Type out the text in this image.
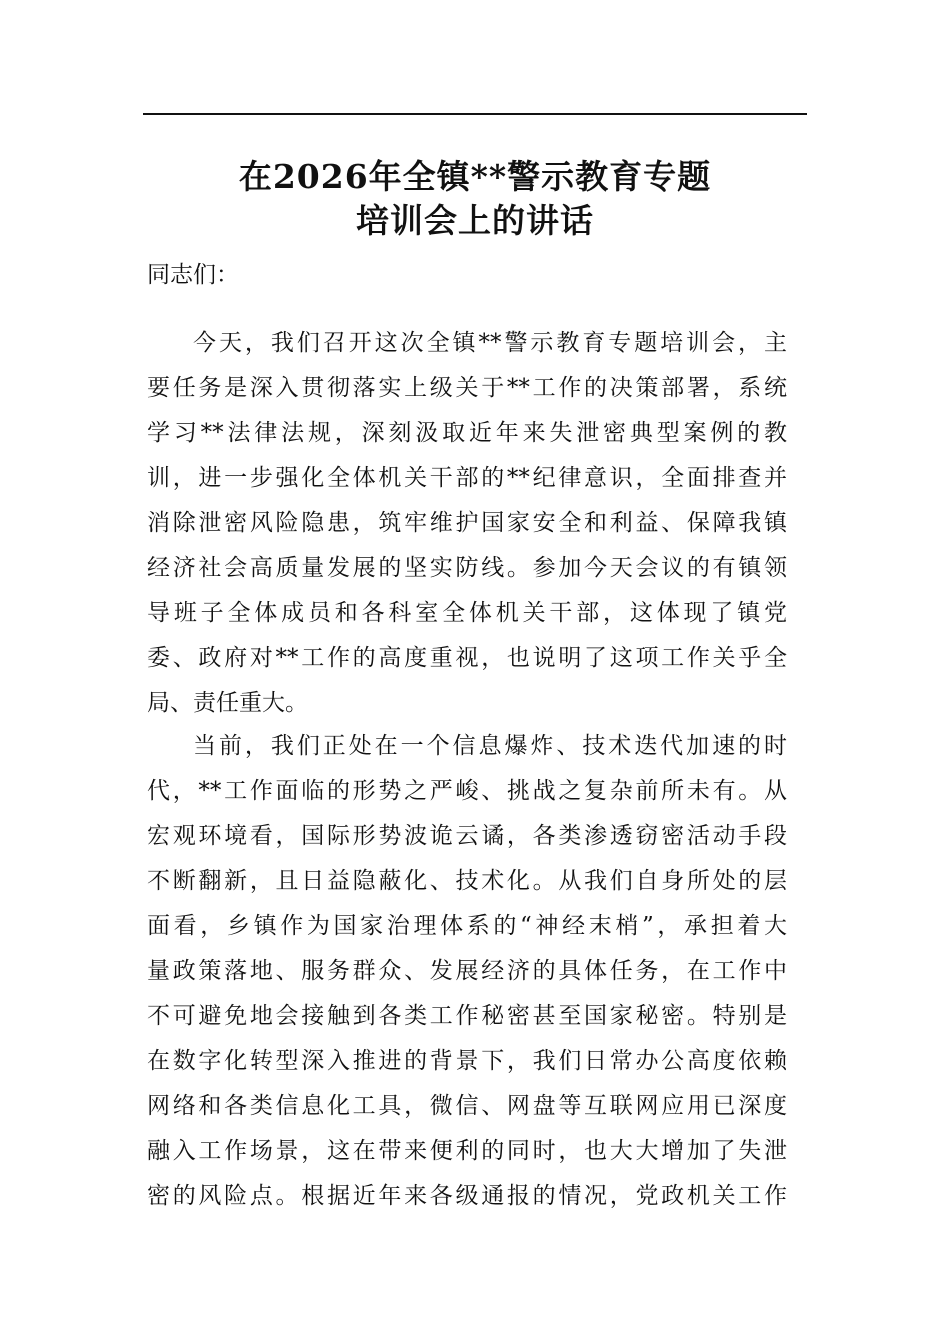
在2026年全镇**警示教育专题
培训会上的讲话
同志们：
今天，我们召开这次全镇**警示教育专题培训会，主
要任务是深入贯彻落实上级关于**工作的决策部署，系统
学习**法律法规，深刻汲取近年来失泄密典型案例的教
训，进一步强化全体机关干部的**纪律意识，全面排查并
消除泄密风险隐患，筑牢维护国家安全和利益、保障我镇
经济社会高质量发展的坚实防线。参加今天会议的有镇领
导班子全体成员和各科室全体机关干部，这体现了镇党
委、政府对**工作的高度重视，也说明了这项工作关乎全
局、责任重大。
当前，我们正处在一个信息爆炸、技术迭代加速的时
代，**工作面临的形势之严峻、挑战之复杂前所未有。从
宏观环境看，国际形势波诡云谲，各类渗透窃密活动手段
不断翻新，且日益隐蔽化、技术化。从我们自身所处的层
面看，乡镇作为国家治理体系的“神经末梢”，承担着大
量政策落地、服务群众、发展经济的具体任务，在工作中
不可避免地会接触到各类工作秘密甚至国家秘密。特别是
在数字化转型深入推进的背景下，我们日常办公高度依赖
网络和各类信息化工具，微信、网盘等互联网应用已深度
融入工作场景，这在带来便利的同时，也大大增加了失泄
密的风险点。根据近年来各级通报的情况，党政机关工作
